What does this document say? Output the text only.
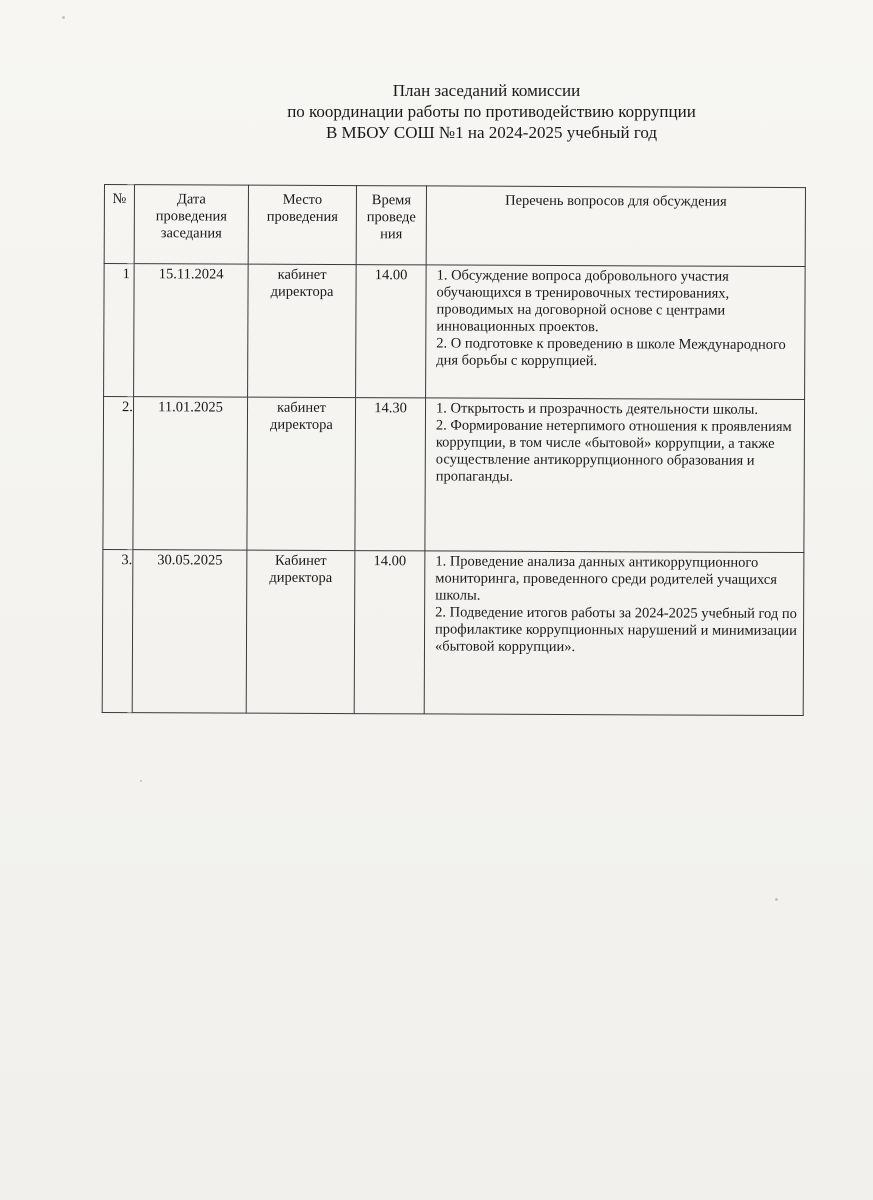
План заседаний комиссии
по координации работы по противодействию коррупции
В МБОУ СОШ №1 на 2024-2025 учебный год
№	Дата проведения заседания	Место проведения	Время проведе ния	Перечень вопросов для обсуждения
1	15.11.2024	кабинет директора	14.00	1. Обсуждение вопроса добровольного участия обучающихся в тренировочных тестированиях, проводимых на договорной основе с центрами инновационных проектов.

2. О подготовке к проведению в школе Международного дня борьбы с коррупцией.

2.	11.01.2025	кабинет директора	14.30	1. Открытость и прозрачность деятельности школы.

2. Формирование нетерпимого отношения к проявлениям коррупции, в том числе «бытовой» коррупции, а также осуществление антикоррупционного образования и пропаганды.

3.	30.05.2025	Кабинет директора	14.00	1. Проведение анализа данных антикоррупционного мониторинга, проведенного среди родителей учащихся школы.

2. Подведение итогов работы за 2024-2025 учебный год по профилактике коррупционных нарушений и минимизации «бытовой коррупции».
